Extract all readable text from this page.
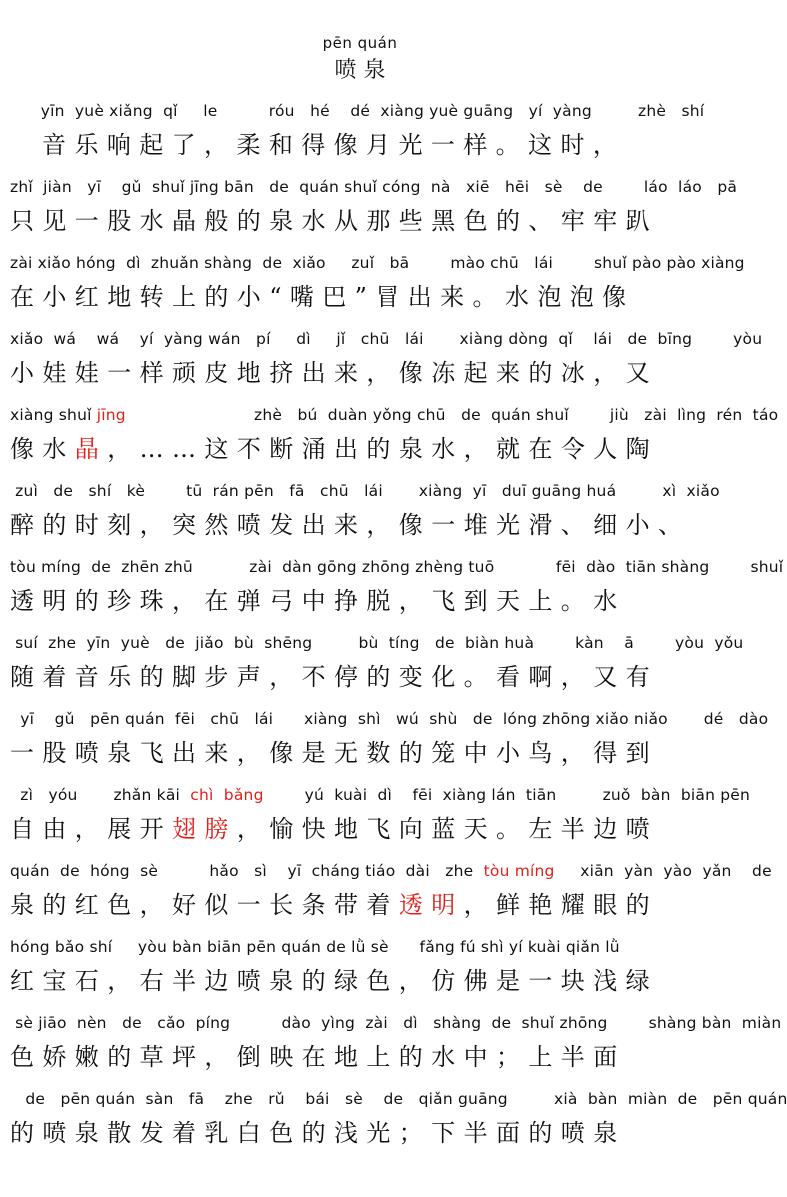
pēn quán
喷 泉
yīn  yuè xiǎng  qǐ     le          róu   hé    dé  xiàng yuè guāng   yí  yàng         zhè   shí
音乐响起了，柔和得像月光一样。这时，
zhǐ  jiàn   yī    gǔ  shuǐ jīng bān   de  quán shuǐ cóng  nà   xiē   hēi   sè    de        láo  láo   pā
只见一股水晶般的泉水从那些黑色的、牢牢趴
zài xiǎo hóng  dì  zhuǎn shàng  de  xiǎo     zuǐ   bā        mào chū   lái        shuǐ pào pào xiàng
在小红地转上的小“嘴巴”冒出来。水泡泡像
xiǎo  wá    wá    yí  yàng wán   pí     dì     jǐ   chū   lái       xiàng dòng  qǐ    lái   de  bīng        yòu
小娃娃一样顽皮地挤出来，像冻起来的冰，又
xiàng shuǐ jīng                         zhè   bú  duàn yǒng chū   de  quán shuǐ        jiù   zài  lìng  rén  táo
像水晶，……这不断涌出的泉水，就在令人陶
zuì   de   shí   kè        tū  rán pēn   fā   chū   lái       xiàng  yī   duī guāng huá         xì  xiǎo
醉的时刻，突然喷发出来，像一堆光滑、细小、
tòu míng  de  zhēn zhū           zài  dàn gōng zhōng zhèng tuō            fēi  dào  tiān shàng        shuǐ
透明的珍珠，在弹弓中挣脱，飞到天上。水
suí  zhe  yīn  yuè   de  jiǎo  bù  shēng         bù  tíng   de  biàn huà        kàn    ā        yòu  yǒu
随着音乐的脚步声，不停的变化。看啊，又有
yī    gǔ   pēn quán  fēi   chū   lái      xiàng  shì   wú  shù   de  lóng zhōng xiǎo niǎo       dé   dào
一股喷泉飞出来，像是无数的笼中小鸟，得到
zì   yóu       zhǎn kāi  chì  bǎng        yú  kuài  dì    fēi  xiàng lán  tiān         zuǒ  bàn  biān pēn
自由，展开翅膀，愉快地飞向蓝天。左半边喷
quán  de  hóng  sè          hǎo   sì    yī  cháng tiáo  dài   zhe  tòu míng     xiān  yàn  yào  yǎn    de
泉的红色，好似一长条带着透明，鲜艳耀眼的
hóng bǎo shí     yòu bàn biān pēn quán de lǜ sè      fǎng fú shì yí kuài qiǎn lǜ
红宝石，右半边喷泉的绿色，仿佛是一块浅绿
sè jiāo  nèn   de   cǎo  píng          dào  yìng  zài   dì   shàng  de  shuǐ zhōng        shàng bàn  miàn
色娇嫩的草坪，倒映在地上的水中；上半面
de   pēn quán  sàn   fā    zhe   rǔ    bái   sè    de   qiǎn guāng         xià  bàn  miàn  de   pēn quán
的喷泉散发着乳白色的浅光；下半面的喷泉
